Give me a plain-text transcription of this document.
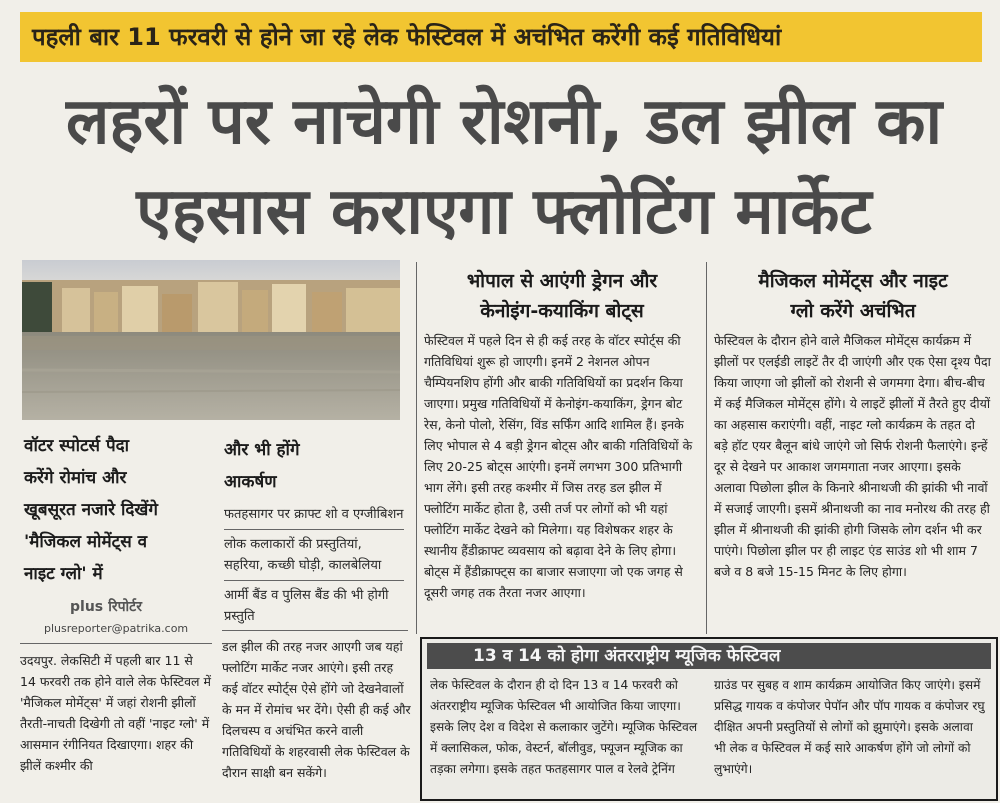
पहली बार 11 फरवरी से होने जा रहे लेक फेस्टिवल में अचंभित करेंगी कई गतिविधियां
लहरों पर नाचेगी रोशनी, डल झील का
एहसास कराएगा फ्लोटिंग मार्केट
वॉटर स्पोटर्स पैदा
करेंगे रोमांच और
खूबसूरत नजारे दिखेंगे
'मैजिकल मोमेंट्स व
नाइट ग्लो' में
plus रिपोर्टर
plusreporter@patrika.com

उदयपुर. लेकसिटी में पहली बार 11 से 14 फरवरी तक होने वाले लेक फेस्टिवल में 'मैजिकल मोमेंट्स' में जहां रोशनी झीलों तैरती-नाचती दिखेगी तो वहीं 'नाइट ग्लो' में आसमान रंगीनियत दिखाएगा। शहर की झीलें कश्मीर की

और भी होंगे
आकर्षण
फतहसागर पर क्राफ्ट शो व एग्जीबिशन
लोक कलाकारों की प्रस्तुतियां, सहरिया, कच्छी घोड़ी, कालबेलिया
आर्मी बैंड व पुलिस बैंड की भी होगी प्रस्तुति

डल झील की तरह नजर आएगी जब यहां फ्लोटिंग मार्केट नजर आएंगे। इसी तरह कई वॉटर स्पोर्ट्स ऐसे होंगे जो देखनेवालों के मन में रोमांच भर देंगे। ऐसी ही कई और दिलचस्प व अचंभित करने वाली गतिविधियों के शहरवासी लेक फेस्टिवल के दौरान साक्षी बन सकेंगे।

भोपाल से आएंगी ड्रेगन और
केनोइंग-कयाकिंग बोट्स

फेस्टिवल में पहले दिन से ही कई तरह के वॉटर स्पोर्ट्स की गतिविधियां शुरू हो जाएगी। इनमें 2 नेशनल ओपन चैम्पियनशिप होंगी और बाकी गतिविधियों का प्रदर्शन किया जाएगा। प्रमुख गतिविधियों में केनोइंग-कयाकिंग, ड्रेगन बोट रेस, केनो पोलो, रेसिंग, विंड सर्फिंग आदि शामिल हैं। इनके लिए भोपाल से 4 बड़ी ड्रेगन बोट्स और बाकी गतिविधियों के लिए 20-25 बोट्स आएंगी। इनमें लगभग 300 प्रतिभागी भाग लेंगे। इसी तरह कश्मीर में जिस तरह डल झील में फ्लोटिंग मार्केट होता है, उसी तर्ज पर लोगों को भी यहां फ्लोटिंग मार्केट देखने को मिलेगा। यह विशेषकर शहर के स्थानीय हैंडीक्राफ्ट व्यवसाय को बढ़ावा देने के लिए होगा। बोट्स में हैंडीक्राफ्ट्स का बाजार सजाएगा जो एक जगह से दूसरी जगह तक तैरता नजर आएगा।

मैजिकल मोमेंट्स और नाइट
ग्लो करेंगे अचंभित

फेस्टिवल के दौरान होने वाले मैजिकल मोमेंट्स कार्यक्रम में झीलों पर एलईडी लाइटें तैर दी जाएंगी और एक ऐसा दृश्य पैदा किया जाएगा जो झीलों को रोशनी से जगमगा देगा। बीच-बीच में कई मैजिकल मोमेंट्स होंगे। ये लाइटें झीलों में तैरते हुए दीयों का अहसास कराएंगी। वहीं, नाइट ग्लो कार्यक्रम के तहत दो बड़े हॉट एयर बैलून बांधे जाएंगे जो सिर्फ रोशनी फैलाएंगे। इन्हें दूर से देखने पर आकाश जगमगाता नजर आएगा। इसके अलावा पिछोला झील के किनारे श्रीनाथजी की झांकी भी नावों में सजाई जाएगी। इसमें श्रीनाथजी का नाव मनोरथ की तरह ही झील में श्रीनाथजी की झांकी होगी जिसके लोग दर्शन भी कर पाएंगे। पिछोला झील पर ही लाइट एंड साउंड शो भी शाम 7 बजे व 8 बजे 15-15 मिनट के लिए होगा।

13 व 14 को होगा अंतरराष्ट्रीय म्यूजिक फेस्टिवल

लेक फेस्टिवल के दौरान ही दो दिन 13 व 14 फरवरी को अंतरराष्ट्रीय म्यूजिक फेस्टिवल भी आयोजित किया जाएगा। इसके लिए देश व विदेश से कलाकार जुटेंगे। म्यूजिक फेस्टिवल में क्लासिकल, फोक, वेस्टर्न, बॉलीवुड, फ्यूजन म्यूजिक का तड़का लगेगा। इसके तहत फतहसागर पाल व रेलवे ट्रेनिंग

ग्राउंड पर सुबह व शाम कार्यक्रम आयोजित किए जाएंगे। इसमें प्रसिद्ध गायक व कंपोजर पेपॉन और पॉप गायक व कंपोजर रघु दीक्षित अपनी प्रस्तुतियों से लोगों को झुमाएंगे। इसके अलावा भी लेक व फेस्टिवल में कई सारे आकर्षण होंगे जो लोगों को लुभाएंगे।
